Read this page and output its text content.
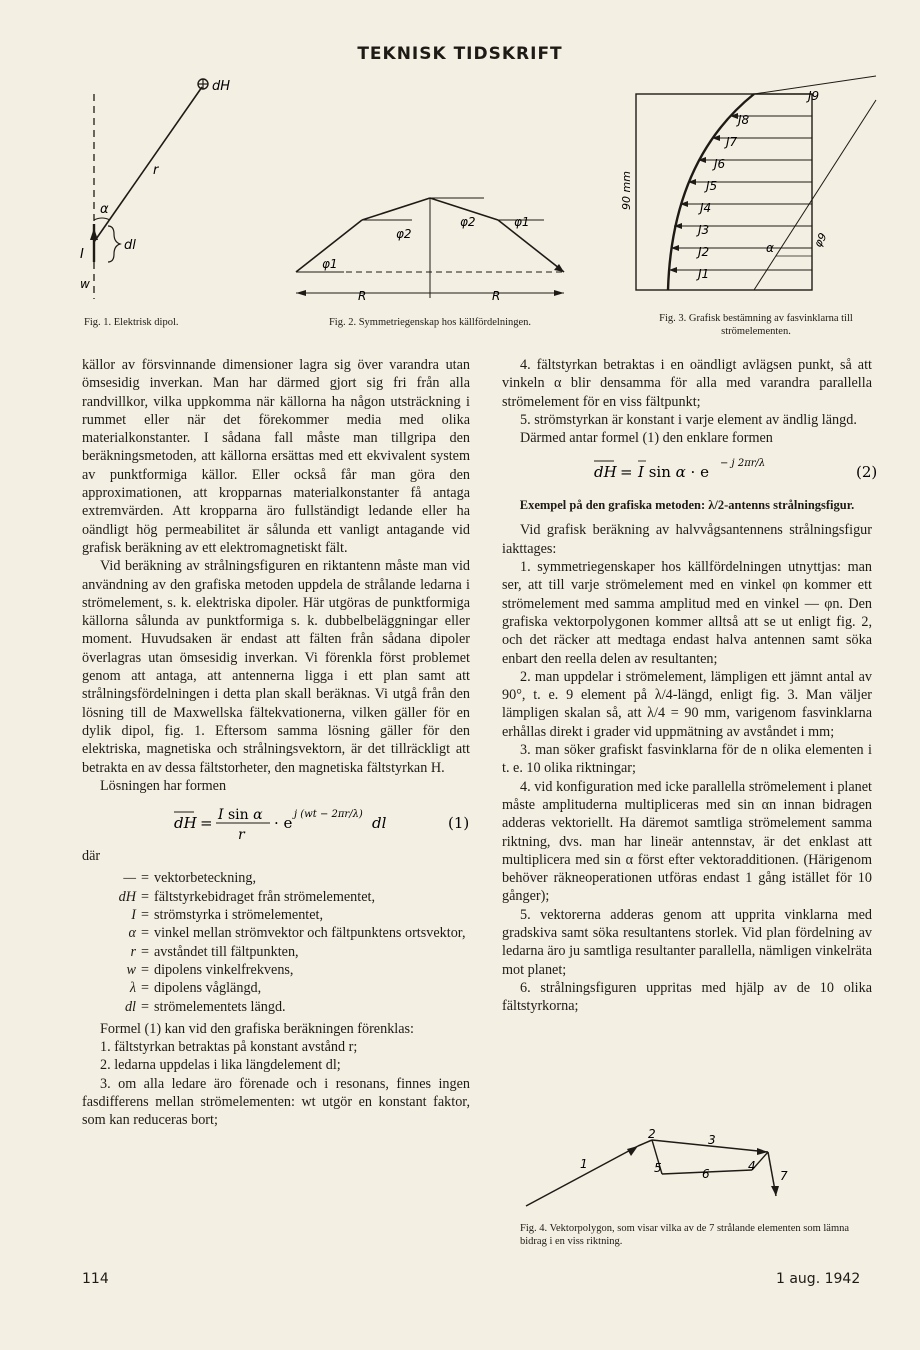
TEKNISK TIDSKRIFT
dH
r
α
I
dl
w
Fig. 1. Elektrisk dipol.
φ2
φ2	φ1
φ1
R	R
Fig. 2. Symmetriegenskap hos källfördelningen.
J9
J8
J7
J6
J5
J4
J3
J2
J1
90 mm
α	φ9
Fig. 3. Grafisk bestämning av fasvinklarna till strömelementen.

källor av försvinnande dimensioner lagra sig över varandra utan ömsesidig inverkan. Man har därmed gjort sig fri från alla randvillkor, vilka uppkomma när källorna ha någon utsträckning i rummet eller när det förekommer media med olika materialkonstanter. I sådana fall måste man tillgripa den beräkningsmetoden, att källorna ersättas med ett ekvivalent system av punktformiga källor. Eller också får man göra den approximationen, att kropparnas materialkonstanter få antaga extremvärden. Att kropparna äro fullständigt ledande eller ha oändligt hög permeabilitet är sålunda ett vanligt antagande vid grafisk beräkning av ett elektromagnetiskt fält.

Vid beräkning av strålningsfiguren en riktantenn måste man vid användning av den grafiska metoden uppdela de strålande ledarna i strömelement, s. k. elektriska dipoler. Här utgöras de punktformiga källorna sålunda av punktformiga s. k. dubbelbeläggningar eller moment. Huvudsaken är endast att fälten från sådana dipoler överlagras utan ömsesidig inverkan. Vi förenkla först problemet genom att antaga, att antennerna ligga i ett plan samt att strålningsfördelningen i detta plan skall beräknas. Vi utgå från den lösning till de Maxwellska fältekvationerna, vilken gäller för en dylik dipol, fig. 1. Eftersom samma lösning gäller för den elektriska, magnetiska och strålningsvektorn, är det tillräckligt att betrakta en av dessa fältstorheter, den magnetiska fältstyrkan H.

Lösningen har formen

dH = I sin α
r
· e j (wt − 2πr/λ) dl	(1)

där

— = vektorbeteckning,
dH = fältstyrkebidraget från strömelementet,
I = strömstyrka i strömelementet,
α = vinkel mellan strömvektor och fältpunktens ortsvektor,
r = avståndet till fältpunkten,
w = dipolens vinkelfrekvens,
λ = dipolens våglängd,
dl = strömelementets längd.

Formel (1) kan vid den grafiska beräkningen förenklas:

1. fältstyrkan betraktas på konstant avstånd r;

2. ledarna uppdelas i lika längdelement dl;

3. om alla ledare äro förenade och i resonans, finnes ingen fasdifferens mellan strömelementen: wt utgör en konstant faktor, som kan reduceras bort;

4. fältstyrkan betraktas i en oändligt avlägsen punkt, så att vinkeln α blir densamma för alla med varandra parallella strömelement för en viss fältpunkt;

5. strömstyrkan är konstant i varje element av ändlig längd.

Därmed antar formel (1) den enklare formen

dH = I sin α · e − j 2πr/λ	(2)
Exempel på den grafiska metoden: λ/2-antenns strålningsfigur.

Vid grafisk beräkning av halvvågsantennens strålningsfigur iakttages:

1. symmetriegenskaper hos källfördelningen utnyttjas: man ser, att till varje strömelement med en vinkel φn kommer ett strömelement med samma amplitud med en vinkel — φn. Den grafiska vektorpolygonen kommer alltså att se ut enligt fig. 2, och det räcker att medtaga endast halva antennen samt söka enbart den reella delen av resultanten;

2. man uppdelar i strömelement, lämpligen ett jämnt antal av 90°, t. e. 9 element på λ/4-längd, enligt fig. 3. Man väljer lämpligen skalan så, att λ/4 = 90 mm, varigenom fasvinklarna erhållas direkt i grader vid uppmätning av avståndet i mm;

3. man söker grafiskt fasvinklarna för de n olika elementen i t. e. 10 olika riktningar;

4. vid konfiguration med icke parallella strömelement i planet måste amplituderna multipliceras med sin αn innan bidragen adderas vektoriellt. Ha däremot samtliga strömelement samma riktning, dvs. man har lineär antennstav, är det enklast att multiplicera med sin α först efter vektoradditionen. (Härigenom behöver räkneoperationen utföras endast 1 gång istället för 10 gånger);

5. vektorerna adderas genom att uppritа vinklarna med gradskiva samt söka resultantens storlek. Vid plan fördelning av ledarna äro ju samtliga resultanter parallella, nämligen vinkelräta mot planet;

6. strålningsfiguren uppritas med hjälp av de 10 olika fältstyrkorna;

1
2	3
4
5	6	7
Fig. 4. Vektorpolygon, som visar vilka av de 7 strålande elementen som lämna bidrag i en viss riktning.
114	1 aug. 1942
